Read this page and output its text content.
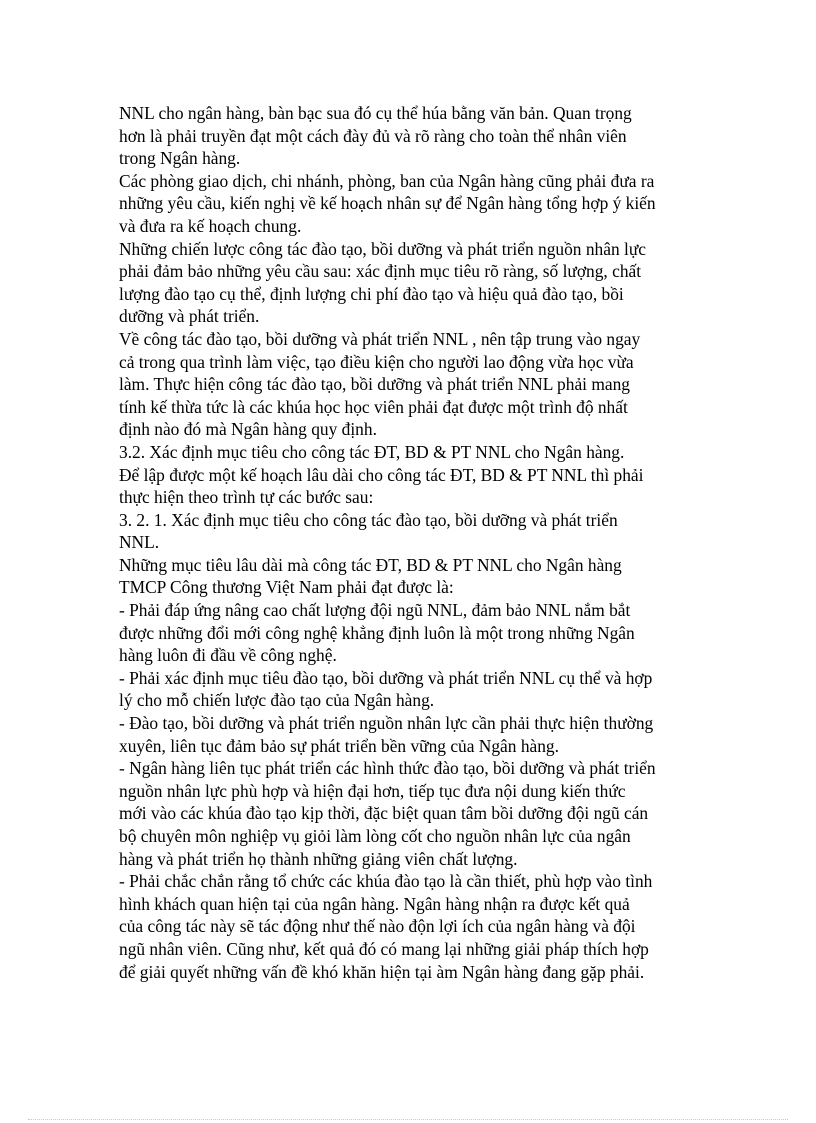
NNL cho ngân hàng, bàn bạc sua đó cụ thể húa bằng văn bản. Quan trọng
hơn là phải truyền đạt một cách đày đủ và rõ ràng cho toàn thể nhân viên
trong Ngân hàng.
Các phòng giao dịch, chi nhánh, phòng, ban của Ngân hàng cũng phải đưa ra
những yêu cầu, kiến nghị về kế hoạch nhân sự để Ngân hàng tổng hợp ý kiến
và đưa ra kế hoạch chung.
Những chiến lược công tác đào tạo, bồi dưỡng và phát triển nguồn nhân lực
phải đảm bảo những yêu cầu sau: xác định mục tiêu rõ ràng, số lượng, chất
lượng đào tạo cụ thể, định lượng chi phí đào tạo và hiệu quả đào tạo, bồi
dưỡng và phát triển.
Về công tác đào tạo, bồi dưỡng và phát triển NNL , nên tập trung vào ngay
cả trong qua trình làm việc, tạo điều kiện cho người lao động vừa học vừa
làm. Thực hiện công tác đào tạo, bồi dưỡng và phát triển NNL phải mang
tính kế thừa tức là các khúa học học viên phải đạt được một trình độ nhất
định nào đó mà Ngân hàng quy định.
3.2. Xác định mục tiêu cho công tác ĐT, BD & PT NNL cho Ngân hàng.
Để lập được một kế hoạch lâu dài cho công tác ĐT, BD & PT NNL thì phải
thực hiện theo trình tự các bước sau:
3. 2. 1. Xác định mục tiêu cho công tác đào tạo, bồi dưỡng và phát triển
NNL.
Những mục tiêu lâu dài mà công tác ĐT, BD & PT NNL cho Ngân hàng
TMCP Công thương Việt Nam phải đạt được là:
- Phải đáp ứng nâng cao chất lượng đội ngũ NNL, đảm bảo NNL nắm bắt
được những đổi mới công nghệ khẳng định luôn là một trong những Ngân
hàng luôn đi đầu về công nghệ.
- Phải xác định mục tiêu đào tạo, bồi dưỡng và phát triển NNL cụ thể và hợp
lý cho mỗ chiến lược đào tạo của Ngân hàng.
- Đào tạo, bồi dưỡng và phát triển nguồn nhân lực cần phải thực hiện thường
xuyên, liên tục đảm bảo sự phát triển bền vững của Ngân hàng.
- Ngân hàng liên tục phát triển các hình thức đào tạo, bồi dưỡng và phát triển
nguồn nhân lực phù hợp và hiện đại hơn, tiếp tục đưa nội dung kiến thức
mới vào các khúa đào tạo kịp thời, đặc biệt quan tâm bồi dưỡng đội ngũ cán
bộ chuyên môn nghiệp vụ giỏi làm lòng cốt cho nguồn nhân lực của ngân
hàng và phát triển họ thành những giảng viên chất lượng.
- Phải chắc chắn rằng tổ chức các khúa đào tạo là cần thiết, phù hợp vào tình
hình khách quan hiện tại của ngân hàng. Ngân hàng nhận ra được kết quả
của công tác này sẽ tác động như thế nào độn lợi ích của ngân hàng và đội
ngũ nhân viên. Cũng như, kết quả đó có mang lại những giải pháp thích hợp
để giải quyết những vấn đề khó khăn hiện tại àm Ngân hàng đang gặp phải.
